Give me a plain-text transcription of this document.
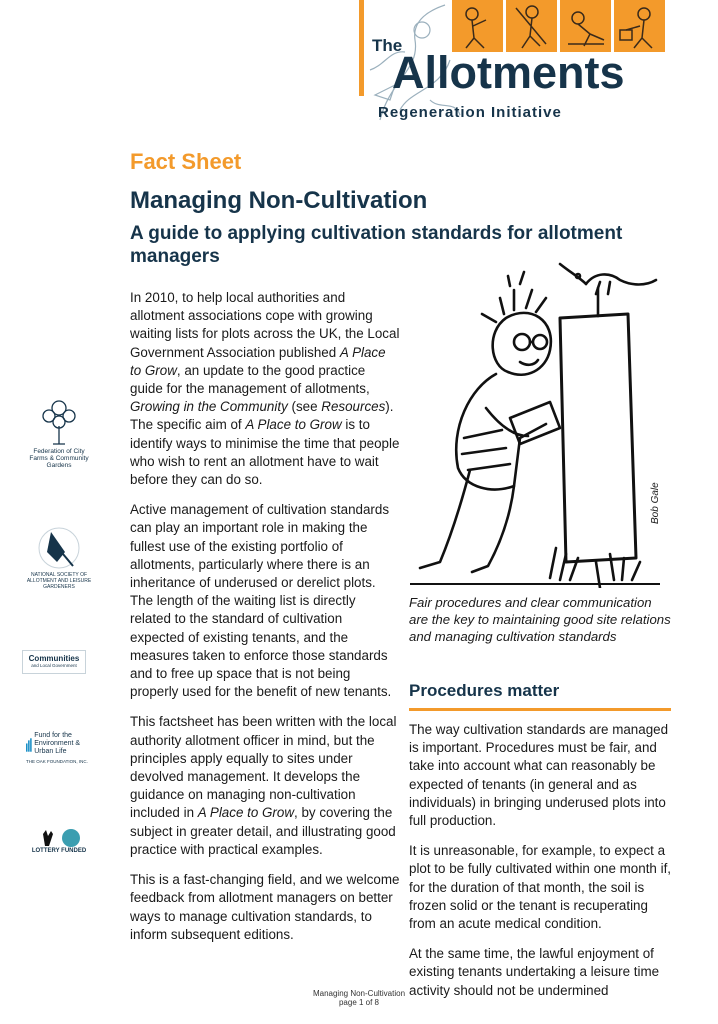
The
Allotments
Regeneration Initiative
Fact Sheet
Managing Non-Cultivation
A guide to applying cultivation standards for allotment managers

In 2010, to help local authorities and allotment associations cope with growing waiting lists for plots across the UK, the Local Government Association published A Place to Grow, an update to the good practice guide for the management of allotments, Growing in the Community (see Resources). The specific aim of A Place to Grow is to identify ways to minimise the time that people who wish to rent an allotment have to wait before they can do so.

Active management of cultivation standards can play an important role in making the fullest use of the existing portfolio of allotments, particularly where there is an inheritance of underused or derelict plots. The length of the waiting list is directly related to the standard of cultivation expected of existing tenants, and the measures taken to enforce those standards and to free up space that is not being properly used for the benefit of new tenants.

This factsheet has been written with the local authority allotment officer in mind, but the principles apply equally to sites under devolved management. It develops the guidance on managing non-cultivation included in A Place to Grow, by covering the subject in greater detail, and illustrating good practice with practical examples.

This is a fast-changing field, and we welcome feedback from allotment managers on better ways to manage cultivation standards, to inform subsequent editions.

Bob Gale
Fair procedures and clear communication are the key to maintaining good site relations and managing cultivation standards
Procedures matter

The way cultivation standards are managed is important. Procedures must be fair, and take into account what can reasonably be expected of tenants (in general and as individuals) in bringing underused plots into full production.

It is unreasonable, for example, to expect a plot to be fully cultivated within one month if, for the duration of that month, the soil is frozen solid or the tenant is recuperating from an acute medical condition.

At the same time, the lawful enjoyment of existing tenants undertaking a leisure time activity should not be undermined

Federation of City Farms & Community Gardens
NATIONAL SOCIETY OF ALLOTMENT AND LEISURE GARDENERS
Communities
and Local Government
Fund for the Environment & Urban Life
THE OAK FOUNDATION, INC.
LOTTERY FUNDED
Managing Non-Cultivation
page 1 of 8
